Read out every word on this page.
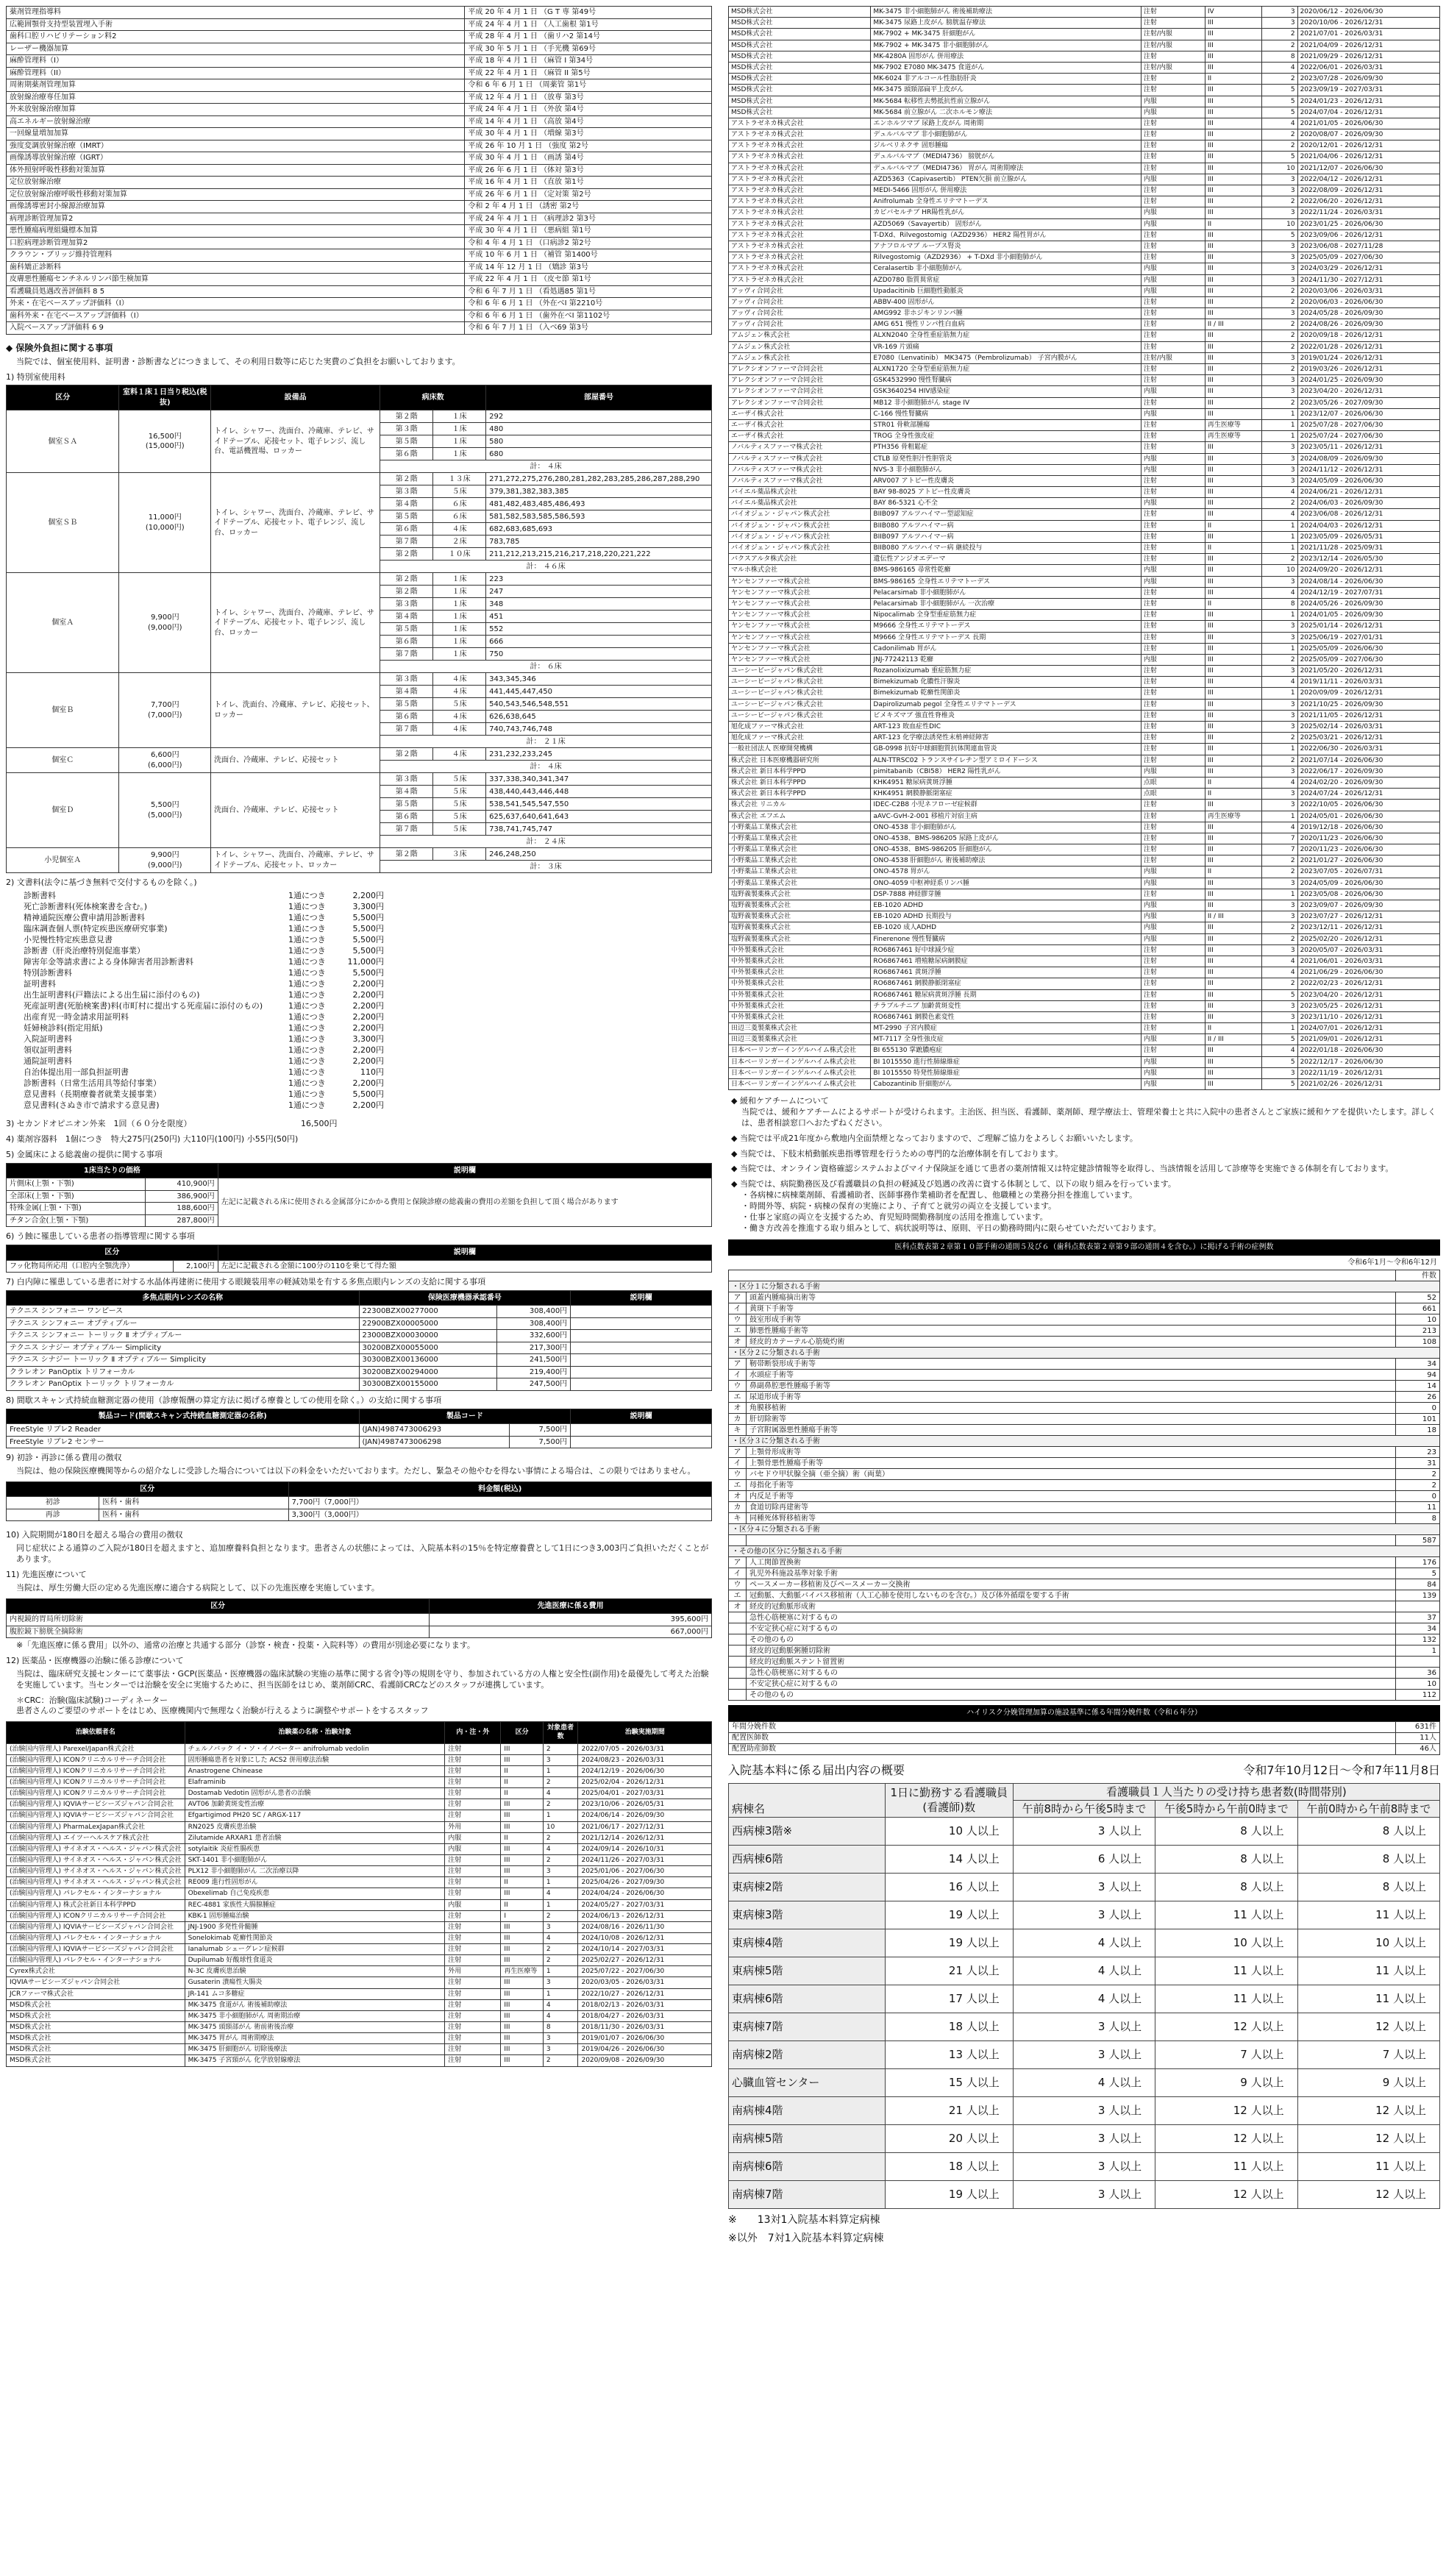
薬剤管理指導料	平成 20 年 4 月 1 日 （G T 専 第49号
広範囲顎骨支持型装置埋入手術	平成 24 年 4 月 1 日 （人工歯根 第1号
歯科口腔リハビリテーション料2	平成 28 年 4 月 1 日 （歯リハ2 第14号
レーザー機器加算	平成 30 年 5 月 1 日 （手光機 第69号
麻酔管理料（I）	平成 18 年 4 月 1 日 （麻管 I 第34号
麻酔管理料（II）	平成 22 年 4 月 1 日 （麻管 II 第5号
周術期薬剤管理加算	令和 6 年 6 月 1 日 （周薬管 第1号
放射線治療専任加算	平成 12 年 4 月 1 日 （放専 第3号
外来放射線治療加算	平成 24 年 4 月 1 日 （外放 第4号
高エネルギー放射線治療	平成 14 年 4 月 1 日 （高放 第4号
一回線量増加加算	平成 30 年 4 月 1 日 （増線 第3号
強度変調放射線治療（IMRT）	平成 26 年 10 月 1 日 （強度 第2号
画像誘導放射線治療（IGRT）	平成 30 年 4 月 1 日 （画誘 第4号
体外照射呼吸性移動対策加算	平成 26 年 6 月 1 日 （体対 第3号
定位放射線治療	平成 16 年 4 月 1 日 （直放 第1号
定位放射線治療呼吸性移動対策加算	平成 26 年 6 月 1 日 （定対策 第2号
画像誘導密封小線源治療加算	令和 2 年 4 月 1 日 （誘密 第2号
病理診断管理加算2	平成 24 年 4 月 1 日 （病理診2 第3号
悪性腫瘍病理組織標本加算	平成 30 年 4 月 1 日 （悪病組 第1号
口腔病理診断管理加算2	令和 4 年 4 月 1 日 （口病診2 第2号
クラウン・ブリッジ維持管理料	平成 10 年 6 月 1 日 （補管 第1400号
歯科矯正診断料	平成 14 年 12 月 1 日 （矯診 第3号
皮膚悪性腫瘍センチネルリンパ節生検加算	平成 22 年 4 月 1 日 （皮セ節 第1号
看護職員処遇改善評価料 8 5	令和 6 年 7 月 1 日 （看処遇85 第1号
外来・在宅ベースアップ評価料（I）	令和 6 年 6 月 1 日 （外在ベI 第2210号
歯科外来・在宅ベースアップ評価料（I）	令和 6 年 6 月 1 日 （歯外在ベI 第1102号
入院ベースアップ評価料 6 9	令和 6 年 7 月 1 日 （入ベ69 第3号
◆ 保険外負担に関する事項
当院では、個室使用料、証明書・診断書などにつきまして、その利用日数等に応じた実費のご負担をお願いしております。
1) 特別室使用料
区分	室料１床１日当り税込(税抜)	設備品	病床数		部屋番号
個室ＳＡ	16,500円
(15,000円)	トイレ、シャワー、洗面台、冷蔵庫、テレビ、サイドテーブル、応接セット、電子レンジ、流し台、電話機置場、ロッカー	第２階	１床	292
			第３階	１床	480
			第５階	１床	580
			第６階	１床	680
			計： ４床		
個室ＳＢ	11,000円
(10,000円)	トイレ、シャワー、洗面台、冷蔵庫、テレビ、サイドテーブル、応接セット、電子レンジ、流し台、ロッカー	第２階	１３床	271,272,275,276,280,281,282,283,285,286,287,288,290
			第３階	５床	379,381,382,383,385
			第４階	６床	481,482,483,485,486,493
			第５階	６床	581,582,583,585,586,593
			第６階	４床	682,683,685,693
			第７階	２床	783,785
			第２階	１０床	211,212,213,215,216,217,218,220,221,222
			計： ４６床		
個室Ａ	9,900円
(9,000円)	トイレ、シャワー、洗面台、冷蔵庫、テレビ、サイドテーブル、応接セット、電子レンジ、流し台、ロッカー	第２階	１床	223
			第２階	１床	247
			第３階	１床	348
			第４階	１床	451
			第５階	１床	552
			第６階	１床	666
			第７階	１床	750
			計： ６床		
個室Ｂ	7,700円
(7,000円)	トイレ、洗面台、冷蔵庫、テレビ、応接セット、ロッカー	第３階	４床	343,345,346
			第４階	４床	441,445,447,450
			第５階	５床	540,543,546,548,551
			第６階	４床	626,638,645
			第７階	４床	740,743,746,748
			計： ２１床		
個室Ｃ	6,600円
(6,000円)	洗面台、冷蔵庫、テレビ、応接セット	第２階	４床	231,232,233,245
			計： ４床		
個室Ｄ	5,500円
(5,000円)	洗面台、冷蔵庫、テレビ、応接セット	第３階	５床	337,338,340,341,347
			第４階	５床	438,440,443,446,448
			第５階	５床	538,541,545,547,550
			第６階	５床	625,637,640,641,643
			第７階	５床	738,741,745,747
			計： ２４床		
小児個室Ａ	9,900円
(9,000円)	トイレ、シャワー、洗面台、冷蔵庫、テレビ、サイドテーブル、応接セット、ロッカー	第２階	３床	246,248,250
			計： ３床		
2) 文書料(法令に基づき無料で交付するものを除く。)
診断書料	1通につき	2,200円
死亡診断書料(死体検案書を含む。)	1通につき	3,300円
精神通院医療公費申請用診断書料	1通につき	5,500円
臨床調査個人票(特定疾患医療研究事業)	1通につき	5,500円
小児慢性特定疾患意見書	1通につき	5,500円
診断書（肝炎治療特別促進事業）	1通につき	5,500円
障害年金等請求書による身体障害者用診断書料	1通につき	11,000円
特別診断書料	1通につき	5,500円
証明書料	1通につき	2,200円
出生証明書料(戸籍法による出生届に添付のもの)	1通につき	2,200円
死産証明書(死胎検案書)料(市町村に提出する死産届に添付のもの)	1通につき	2,200円
出産育児一時金請求用証明料	1通につき	2,200円
妊婦検診料(指定用紙)	1通につき	2,200円
入院証明書料	1通につき	3,300円
領収証明書料	1通につき	2,200円
通院証明書料	1通につき	2,200円
自治体提出用一部負担証明書	1通につき	110円
診断書料（日常生活用具等給付事業）	1通につき	2,200円
意見書料（長期療養者就業支援事業）	1通につき	5,500円
意見書料(さぬき市で請求する意見書)	1通につき	2,200円
3) セカンドオピニオン外来　1回（６０分を限度）　　　　　　　　　　　　　　16,500円
4) 薬剤容器料　1個につき　特大275円(250円) 大110円(100円) 小55円(50円)
5) 金属床による総義歯の提供に関する事項
1床当たりの価格		説明欄
片側床(上顎・下顎)	410,900円	左記に記載される床に使用される金属部分にかかる費用と保険診療の総義歯の費用の差額を負担して頂く場合があります
全部床(上顎・下顎)	386,900円	
特殊金属(上顎・下顎)	188,600円	
チタン合金(上顎・下顎)	287,800円	
6) う蝕に罹患している患者の指導管理に関する事項
区分		説明欄
フッ化物局所応用（口腔内全顎洗浄）	2,100円	左記に記載される金額に100分の110を乗じて得た額
7) 白内障に罹患している患者に対する水晶体再建術に使用する眼鏡装用率の軽減効果を有する多焦点眼内レンズの支給に関する事項
多焦点眼内レンズの名称	保険医療機器承認番号		説明欄
テクニス シンフォニー ワンピース	22300BZX00277000	308,400円	
テクニス シンフォニー オプティブルー	22900BZX00005000	308,400円	
テクニス シンフォニー トーリック Ⅱ オプティブルー	23000BZX00030000	332,600円	
テクニス シナジー オプティブルー Simplicity	30200BZX00055000	217,300円	
テクニス シナジー トーリック Ⅱ オプティブルー Simplicity	30300BZX00136000	241,500円	
クラレオン PanOptix トリフォーカル	30200BZX00294000	219,400円	
クラレオン PanOptix トーリック トリフォーカル	30300BZX00155000	247,500円	
8) 間歇スキャン式持続血糖測定器の使用（診療報酬の算定方法に掲げる療養としての使用を除く。）の支給に関する事項
製品コード(間歇スキャン式持続血糖測定器の名称)	製品コード		説明欄
FreeStyle リブレ2 Reader	(JAN)4987473006293	7,500円	
FreeStyle リブレ2 センサー	(JAN)4987473006298	7,500円	
9) 初診・再診に係る費用の徴収
当院は、他の保険医療機関等からの紹介なしに受診した場合については以下の料金をいただいております。ただし、緊急その他やむを得ない事情による場合は、この限りではありません。
区分		料金額(税込)
初診	医科・歯科	7,700円（7,000円）
再診	医科・歯科	3,300円（3,000円）
10) 入院期間が180日を超える場合の費用の徴収
同じ症状による通算のご入院が180日を超えますと、追加療養料負担となります。患者さんの状態によっては、入院基本料の15％を特定療養費として1日につき3,003円ご負担いただくことがあります。
11) 先進医療について
当院は、厚生労働大臣の定める先進医療に適合する病院として、以下の先進医療を実施しています。
区分	先進医療に係る費用
内視鏡的胃局所切除術	395,600円
腹腔鏡下膀胱全摘除術	667,000円
※「先進医療に係る費用」以外の、通常の治療と共通する部分（診察・検査・投薬・入院料等）の費用が別途必要になります。
12) 医薬品・医療機器の治験に係る診療について
当院は、臨床研究支援センターにて薬事法・GCP(医薬品・医療機器の臨床試験の実施の基準に関する省令)等の規則を守り、参加されている方の人権と安全性(副作用)を最優先して考えた治験を実施しています。当センターでは治験を安全に実施するために、担当医師をはじめ、薬剤師CRC、看護師CRCなどのスタッフが連携しています。
＊CRC：治験(臨床試験)コーディネーター
患者さんのご要望のサポートをはじめ、医療機関内で無理なく治験が行えるように調整やサポートをするスタッフ
治験依頼者名	治験薬の名称・治験対象	内・注・外	区分	対象患者数	治験実施期間
(治験国内管理人) Parexel/Japan株式会社	チェルノバック イ・ソ・イノベーター anifrolumab vedolin	注射	III	2	2022/07/05 - 2026/03/31
(治験国内管理人) ICONクリニカルリサーチ合同会社	固形腫瘍患者を対象にした ACS2 併用療法治験	注射	III	3	2024/08/23 - 2026/03/31
(治験国内管理人) ICONクリニカルリサーチ合同会社	Anastrogene Chinease	注射	II	1	2024/12/19 - 2026/06/30
(治験国内管理人) ICONクリニカルリサーチ合同会社	Elaframinib	注射	II	2	2025/02/04 - 2026/12/31
(治験国内管理人) ICONクリニカルリサーチ合同会社	Dostamab Vedotin 固形がん患者の治験	注射	II	4	2025/04/01 - 2027/03/31
(治験国内管理人) IQVIAサービシーズジャパン合同会社	AVT06 加齢黄斑変性治療	注射	III	2	2023/10/06 - 2026/05/31
(治験国内管理人) IQVIAサービシーズジャパン合同会社	Efgartigimod PH20 SC / ARGX-117	注射	III	1	2024/06/14 - 2026/09/30
(治験国内管理人) PharmaLexJapan株式会社	RN2025 皮膚疾患治験	外用	III	10	2021/06/17 - 2027/12/31
(治験国内管理人) エイツーヘルスケア株式会社	Zilutamide ARXAR1 患者治験	内服	II	2	2021/12/14 - 2026/12/31
(治験国内管理人) サイネオス・ヘルス・ジャパン株式会社	sotylaitik 炎症性腸疾患	内服	III	4	2024/09/14 - 2026/10/31
(治験国内管理人) サイネオス・ヘルス・ジャパン株式会社	SKT-1401 非小細胞肺がん	注射	III	2	2024/11/26 - 2027/03/31
(治験国内管理人) サイネオス・ヘルス・ジャパン株式会社	PLX12 非小細胞肺がん 二次治療以降	注射	III	3	2025/01/06 - 2027/06/30
(治験国内管理人) サイネオス・ヘルス・ジャパン株式会社	RE009 進行性固形がん	注射	II	1	2025/04/26 - 2027/09/30
(治験国内管理人) パレクセル・インターナショナル	Obexelimab 自己免疫疾患	注射	III	4	2024/04/24 - 2026/06/30
(治験国内管理人) 株式会社新日本科学PPD	REC-4881 家族性大腸腺腫症	内服	II	1	2024/05/27 - 2027/03/31
(治験国内管理人) ICONクリニカルリサーチ合同会社	KBK-1 固形腫瘍治験	注射	I	2	2024/06/13 - 2026/12/31
(治験国内管理人) IQVIAサービシーズジャパン合同会社	JNJ-1900 多発性骨髄腫	注射	III	3	2024/08/16 - 2026/11/30
(治験国内管理人) パレクセル・インターナショナル	Sonelokimab 乾癬性関節炎	注射	III	4	2024/10/08 - 2026/12/31
(治験国内管理人) IQVIAサービシーズジャパン合同会社	Ianalumab シェーグレン症候群	注射	III	2	2024/10/14 - 2027/03/31
(治験国内管理人) パレクセル・インターナショナル	Dupilumab 好酸球性食道炎	注射	III	2	2025/02/27 - 2026/12/31
Cyrex株式会社	N-3C 皮膚疾患治験	外用	再生医療等	1	2025/07/22 - 2027/06/30
IQVIAサービシーズジャパン合同会社	Gusaterin 潰瘍性大腸炎	注射	III	3	2020/03/05 - 2026/03/31
JCRファーマ株式会社	JR-141 ムコ多糖症	注射	III	1	2022/10/27 - 2026/12/31
MSD株式会社	MK-3475 食道がん 術後補助療法	注射	III	4	2018/02/13 - 2026/03/31
MSD株式会社	MK-3475 非小細胞肺がん 周術期治療	注射	III	4	2018/04/27 - 2026/03/31
MSD株式会社	MK-3475 頭頸部がん 術前術後治療	注射	III	8	2018/11/30 - 2026/03/31
MSD株式会社	MK-3475 胃がん 周術期療法	注射	III	3	2019/01/07 - 2026/06/30
MSD株式会社	MK-3475 肝細胞がん 切除後療法	注射	III	3	2019/04/26 - 2026/06/30
MSD株式会社	MK-3475 子宮頸がん 化学放射線療法	注射	III	2	2020/09/08 - 2026/09/30
MSD株式会社	MK-3475 非小細胞肺がん 術後補助療法	注射	IV	3	2020/06/12 - 2026/06/30
MSD株式会社	MK-3475 尿路上皮がん 膀胱温存療法	注射	III	3	2020/10/06 - 2026/12/31
MSD株式会社	MK-7902 + MK-3475 肝細胞がん	注射/内服	III	2	2021/07/01 - 2026/03/31
MSD株式会社	MK-7902 + MK-3475 非小細胞肺がん	注射/内服	III	2	2021/04/09 - 2026/12/31
MSD株式会社	MK-4280A 固形がん 併用療法	注射	III	8	2021/09/29 - 2026/12/31
MSD株式会社	MK-7902 E7080 MK-3475 食道がん	注射/内服	III	4	2022/06/01 - 2026/03/31
MSD株式会社	MK-6024 非アルコール性脂肪肝炎	注射	II	2	2023/07/28 - 2026/09/30
MSD株式会社	MK-3475 頭頸部扁平上皮がん	注射	III	5	2023/09/19 - 2027/03/31
MSD株式会社	MK-5684 転移性去勢抵抗性前立腺がん	内服	III	5	2024/01/23 - 2026/12/31
MSD株式会社	MK-5684 前立腺がん 二次ホルモン療法	内服	III	5	2024/07/04 - 2026/12/31
アストラゼネカ株式会社	エンホルツマブ 尿路上皮がん 周術期	注射	III	4	2021/01/05 - 2026/06/30
アストラゼネカ株式会社	デュルバルマブ 非小細胞肺がん	注射	III	2	2020/08/07 - 2026/09/30
アストラゼネカ株式会社	ジルベリネクサ 固形腫瘍	注射	III	2	2020/12/01 - 2026/12/31
アストラゼネカ株式会社	デュルバルマブ（MEDI4736） 膀胱がん	注射	III	5	2021/04/06 - 2026/12/31
アストラゼネカ株式会社	デュルバルマブ（MEDI4736） 胃がん 周術期療法	注射	III	10	2021/12/07 - 2026/06/30
アストラゼネカ株式会社	AZD5363（Capivasertib） PTEN欠損 前立腺がん	内服	III	3	2022/04/12 - 2026/12/31
アストラゼネカ株式会社	MEDI-5466 固形がん 併用療法	注射	III	3	2022/08/09 - 2026/12/31
アストラゼネカ株式会社	Anifrolumab 全身性エリテマトーデス	注射	III	2	2022/06/20 - 2026/12/31
アストラゼネカ株式会社	カピバセルチブ HR陽性乳がん	内服	III	3	2022/11/24 - 2026/03/31
アストラゼネカ株式会社	AZD5069（Savayertib） 固形がん	内服	II	10	2023/01/25 - 2026/06/30
アストラゼネカ株式会社	T-DXd、Rilvegostomig（AZD2936） HER2 陽性胃がん	注射	III	5	2023/09/06 - 2026/12/31
アストラゼネカ株式会社	アナフロルマブ ループス腎炎	注射	III	3	2023/06/08 - 2027/11/28
アストラゼネカ株式会社	Rilvegostomig（AZD2936） + T-DXd 非小細胞肺がん	注射	III	3	2025/05/09 - 2027/06/30
アストラゼネカ株式会社	Ceralasertib 非小細胞肺がん	内服	III	3	2024/03/29 - 2026/12/31
アストラゼネカ株式会社	AZD0780 脂質異常症	内服	III	3	2024/11/30 - 2027/12/31
アッヴィ合同会社	Upadacitinib 巨細胞性動脈炎	内服	III	2	2020/03/06 - 2026/03/31
アッヴィ合同会社	ABBV-400 固形がん	注射	III	2	2020/06/03 - 2026/06/30
アッヴィ合同会社	AMG992 非ホジキンリンパ腫	注射	III	3	2024/05/28 - 2026/09/30
アッヴィ合同会社	AMG 651 慢性リンパ性白血病	注射	II / III	2	2024/08/26 - 2026/09/30
アムジェン株式会社	ALXN2040 全身性重症筋無力症	注射	III	2	2020/09/18 - 2026/12/31
アムジェン株式会社	VR-169 片頭痛	注射	III	2	2022/01/28 - 2026/12/31
アムジェン株式会社	E7080（Lenvatinib） MK3475（Pembrolizumab） 子宮内膜がん	注射/内服	III	3	2019/01/24 - 2026/12/31
アレクシオンファーマ合同会社	ALXN1720 全身型重症筋無力症	注射	III	2	2019/03/26 - 2026/12/31
アレクシオンファーマ合同会社	GSK4532990 慢性腎臓病	注射	III	3	2024/01/25 - 2026/09/30
アレクシオンファーマ合同会社	GSK3640254 HIV感染症	内服	III	3	2023/04/20 - 2026/12/31
アレクシオンファーマ合同会社	MB12 非小細胞肺がん stage IV	注射	III	2	2023/05/26 - 2027/09/30
エーザイ株式会社	C-166 慢性腎臓病	内服	III	1	2023/12/07 - 2026/06/30
エーザイ株式会社	STR01 骨軟部腫瘍	注射	再生医療等	1	2025/07/28 - 2027/06/30
エーザイ株式会社	TROG 全身性強皮症	注射	再生医療等	1	2025/07/24 - 2027/06/30
ノバルティスファーマ株式会社	PTH356 骨粗鬆症	注射	III	3	2023/05/11 - 2026/12/31
ノバルティスファーマ株式会社	CTLB 原発性胆汁性胆管炎	内服	III	3	2024/08/09 - 2026/09/30
ノバルティスファーマ株式会社	NVS-3 非小細胞肺がん	内服	III	3	2024/11/12 - 2026/12/31
ノバルティスファーマ株式会社	ARV007 アトピー性皮膚炎	注射	III	3	2024/05/09 - 2026/06/30
バイエル薬品株式会社	BAY 98-8025 アトピー性皮膚炎	注射	III	4	2024/06/21 - 2026/12/31
バイエル薬品株式会社	BAY 86-5321 心不全	内服	III	2	2024/06/03 - 2026/09/30
バイオジェン・ジャパン株式会社	BIIB097 アルツハイマー型認知症	注射	III	4	2023/06/08 - 2026/12/31
バイオジェン・ジャパン株式会社	BIIB080 アルツハイマー病	注射	II	1	2024/04/03 - 2026/12/31
バイオジェン・ジャパン株式会社	BIIB097 アルツハイマー病	注射	III	1	2023/05/09 - 2026/05/31
バイオジェン・ジャパン株式会社	BIIB080 アルツハイマー病 継続投与	注射	II	1	2021/11/28 - 2025/09/31
バクスアルタ株式会社	遺伝性アンジオエデーマ	注射	III	2	2023/12/14 - 2026/05/30
マルホ株式会社	BMS-986165 尋常性乾癬	内服	III	10	2024/09/20 - 2026/12/31
ヤンセンファーマ株式会社	BMS-986165 全身性エリテマトーデス	内服	III	3	2024/08/14 - 2026/06/30
ヤンセンファーマ株式会社	Pelacarsimab 非小細胞肺がん	注射	III	4	2024/12/19 - 2027/07/31
ヤンセンファーマ株式会社	Pelacarsimab 非小細胞肺がん 一次治療	注射	II	8	2024/05/26 - 2026/09/30
ヤンセンファーマ株式会社	Nipocalimab 全身型重症筋無力症	注射	III	1	2024/01/05 - 2026/09/30
ヤンセンファーマ株式会社	M9666 全身性エリテマトーデス	注射	III	3	2025/01/14 - 2026/12/31
ヤンセンファーマ株式会社	M9666 全身性エリテマトーデス 長期	注射	III	3	2025/06/19 - 2027/01/31
ヤンセンファーマ株式会社	Cadonilimab 胃がん	注射	III	1	2025/05/09 - 2026/06/30
ヤンセンファーマ株式会社	JNJ-77242113 乾癬	内服	III	2	2025/05/09 - 2027/06/30
ユーシービージャパン株式会社	Rozanolixizumab 重症筋無力症	注射	III	3	2021/05/20 - 2026/12/31
ユーシービージャパン株式会社	Bimekizumab 化膿性汗腺炎	注射	III	4	2019/11/11 - 2026/03/31
ユーシービージャパン株式会社	Bimekizumab 乾癬性関節炎	注射	III	1	2020/09/09 - 2026/12/31
ユーシービージャパン株式会社	Dapirolizumab pegol 全身性エリテマトーデス	注射	III	3	2021/10/25 - 2026/09/30
ユーシービージャパン株式会社	ビメキズマブ 強直性脊椎炎	注射	III	3	2021/11/05 - 2026/12/31
旭化成ファーマ株式会社	ART-123 敗血症性DIC	注射	III	3	2025/02/14 - 2026/03/31
旭化成ファーマ株式会社	ART-123 化学療法誘発性末梢神経障害	注射	III	2	2025/03/21 - 2026/12/31
一般社団法人 医療開発機構	GB-0998 抗好中球細胞質抗体関連血管炎	注射	III	1	2022/06/30 - 2026/03/31
株式会社 日本医療機器研究所	ALN-TTRSC02 トランスサイレチン型アミロイドーシス	注射	III	2	2021/07/14 - 2026/06/30
株式会社 新日本科学PPD	pimitabanib（CBI58） HER2 陽性乳がん	内服	III	3	2022/06/17 - 2026/09/30
株式会社 新日本科学PPD	KHK4951 糖尿病黄斑浮腫	点眼	II	4	2024/02/20 - 2026/09/30
株式会社 新日本科学PPD	KHK4951 網膜静脈閉塞症	点眼	II	3	2024/07/24 - 2026/12/31
株式会社 リニカル	IDEC-C2B8 小児ネフローゼ症候群	注射	III	3	2022/10/05 - 2026/06/30
株式会社 エフエム	aAVC-GvH-2-001 移植片対宿主病	注射	再生医療等	1	2024/05/01 - 2026/06/30
小野薬品工業株式会社	ONO-4538 非小細胞肺がん	注射	III	4	2019/12/18 - 2026/06/30
小野薬品工業株式会社	ONO-4538、BMS-986205 尿路上皮がん	注射	III	7	2020/11/23 - 2026/06/30
小野薬品工業株式会社	ONO-4538、BMS-986205 肝細胞がん	注射	III	7	2020/11/23 - 2026/06/30
小野薬品工業株式会社	ONO-4538 肝細胞がん 術後補助療法	注射	III	2	2021/01/27 - 2026/06/30
小野薬品工業株式会社	ONO-4578 胃がん	内服	II	2	2023/07/05 - 2026/07/31
小野薬品工業株式会社	ONO-4059 中枢神経系リンパ腫	内服	III	3	2024/05/09 - 2026/06/30
塩野義製薬株式会社	DSP-7888 神経膠芽腫	注射	III	1	2023/05/08 - 2026/06/30
塩野義製薬株式会社	EB-1020 ADHD	内服	III	3	2023/09/07 - 2026/09/30
塩野義製薬株式会社	EB-1020 ADHD 長期投与	内服	II / III	3	2023/07/27 - 2026/12/31
塩野義製薬株式会社	EB-1020 成人ADHD	内服	III	2	2023/12/11 - 2026/12/31
塩野義製薬株式会社	Finerenone 慢性腎臓病	内服	III	2	2025/02/20 - 2026/12/31
中外製薬株式会社	RO6867461 好中球減少症	注射	III	3	2020/05/07 - 2026/03/31
中外製薬株式会社	RO6867461 増殖糖尿病網膜症	注射	III	4	2021/06/01 - 2026/03/31
中外製薬株式会社	RO6867461 黄斑浮腫	注射	III	4	2021/06/29 - 2026/06/30
中外製薬株式会社	RO6867461 網膜静脈閉塞症	注射	III	2	2022/02/23 - 2026/12/31
中外製薬株式会社	RO6867461 糖尿病黄斑浮腫 長期	注射	III	5	2023/04/20 - 2026/12/31
中外製薬株式会社	チラブルチニブ 加齢黄斑変性	注射	III	3	2023/05/25 - 2026/12/31
中外製薬株式会社	RO6867461 網膜色素変性	注射	III	3	2023/11/10 - 2026/12/31
田辺三菱製薬株式会社	MT-2990 子宮内膜症	注射	II	1	2024/07/01 - 2026/12/31
田辺三菱製薬株式会社	MT-7117 全身性強皮症	内服	II / III	5	2021/09/01 - 2026/12/31
日本ベーリンガーインゲルハイム株式会社	BI 655130 掌蹠膿疱症	注射	III	4	2022/01/18 - 2026/06/30
日本ベーリンガーインゲルハイム株式会社	BI 1015550 進行性肺線維症	内服	III	5	2022/12/17 - 2026/06/30
日本ベーリンガーインゲルハイム株式会社	BI 1015550 特発性肺線維症	内服	III	3	2022/11/19 - 2026/12/31
日本ベーリンガーインゲルハイム株式会社	Cabozantinib 肝細胞がん	内服	III	5	2021/02/26 - 2026/12/31
◆ 緩和ケアチームについて
当院では、緩和ケアチームによるサポートが受けられます。主治医、担当医、看護師、薬剤師、理学療法士、管理栄養士と共に入院中の患者さんとご家族に緩和ケアを提供いたします。詳しくは、患者相談窓口へおたずねください。
◆ 当院では平成21年度から敷地内全面禁煙となっておりますので、ご理解ご協力をよろしくお願いいたします。
◆ 当院では、下肢末梢動脈疾患指導管理を行うための専門的な治療体制を有しております。
◆ 当院では、オンライン資格確認システムおよびマイナ保険証を通じて患者の薬剤情報又は特定健診情報等を取得し、当該情報を活用して診療等を実施できる体制を有しております。
◆ 当院では、病院勤務医及び看護職員の負担の軽減及び処遇の改善に資する体制として、以下の取り組みを行っています。
・各病棟に病棟薬剤師、看護補助者、医師事務作業補助者を配置し、他職種との業務分担を推進しています。
・時間外等、病院・病棟の保育の実施により、子育てと就労の両立を支援しています。
・仕事と家庭の両立を支援するため、育児短時間勤務制度の活用を推進しています。
・働き方改善を推進する取り組みとして、病状説明等は、原則、平日の勤務時間内に限らせていただいております。
医科点数表第２章第１０部手術の通則５及び６（歯科点数表第２章第９部の通則４を含む。）に掲げる手術の症例数
令和6年1月～令和6年12月
		件数
・区分１に分類される手術		
ア	頭蓋内腫瘍摘出術等	52
イ	黄斑下手術等	661
ウ	鼓室形成手術等	10
エ	肺悪性腫瘍手術等	213
オ	経皮的カテーテル心筋焼灼術	108
・区分２に分類される手術		
ア	靭帯断裂形成手術等	34
イ	水頭症手術等	94
ウ	鼻副鼻腔悪性腫瘍手術等	14
エ	尿道形成手術等	26
オ	角膜移植術	0
カ	肝切除術等	101
キ	子宮附属器悪性腫瘍手術等	18
・区分３に分類される手術		
ア	上顎骨形成術等	23
イ	上顎骨悪性腫瘍手術等	31
ウ	バセドウ甲状腺全摘（亜全摘）術（両葉）	2
エ	母指化手術等	2
オ	内反足手術等	0
カ	食道切除再建術等	11
キ	同種死体腎移植術等	8
・区分４に分類される手術		
		587
・その他の区分に分類される手術		
ア	人工関節置換術	176
イ	乳児外科施設基準対象手術	5
ウ	ペースメーカー移植術及びペースメーカー交換術	84
エ	冠動脈、大動脈バイパス移植術（人工心肺を使用しないものを含む。）及び体外循環を要する手術	139
オ	経皮的冠動脈形成術	
	急性心筋梗塞に対するもの	37
	不安定狭心症に対するもの	34
	その他のもの	132
	経皮的冠動脈粥腫切除術	1
	経皮的冠動脈ステント留置術	
	急性心筋梗塞に対するもの	36
	不安定狭心症に対するもの	10
	その他のもの	112
ハイリスク分娩管理加算の施設基準に係る年間分娩件数（令和６年分）
年間分娩件数	631件
配置医師数	11人
配置助産師数	46人
入院基本料に係る届出内容の概要	令和7年10月12日～令和7年11月8日
病棟名	1日に勤務する看護職員(看護師)数	看護職員１人当たりの受け持ち患者数(時間帯別)		
		午前8時から午後5時まで	午後5時から午前0時まで	午前0時から午前8時まで
西病棟3階※	10 人以上	3 人以上	8 人以上	8 人以上
西病棟6階	14 人以上	6 人以上	8 人以上	8 人以上
東病棟2階	16 人以上	3 人以上	8 人以上	8 人以上
東病棟3階	19 人以上	3 人以上	11 人以上	11 人以上
東病棟4階	19 人以上	4 人以上	10 人以上	10 人以上
東病棟5階	21 人以上	4 人以上	11 人以上	11 人以上
東病棟6階	17 人以上	4 人以上	11 人以上	11 人以上
東病棟7階	18 人以上	3 人以上	12 人以上	12 人以上
南病棟2階	13 人以上	3 人以上	7 人以上	7 人以上
心臓血管センター	15 人以上	4 人以上	9 人以上	9 人以上
南病棟4階	21 人以上	3 人以上	12 人以上	12 人以上
南病棟5階	20 人以上	3 人以上	12 人以上	12 人以上
南病棟6階	18 人以上	3 人以上	11 人以上	11 人以上
南病棟7階	19 人以上	3 人以上	12 人以上	12 人以上
※　　13対1入院基本料算定病棟
※以外　7対1入院基本料算定病棟
